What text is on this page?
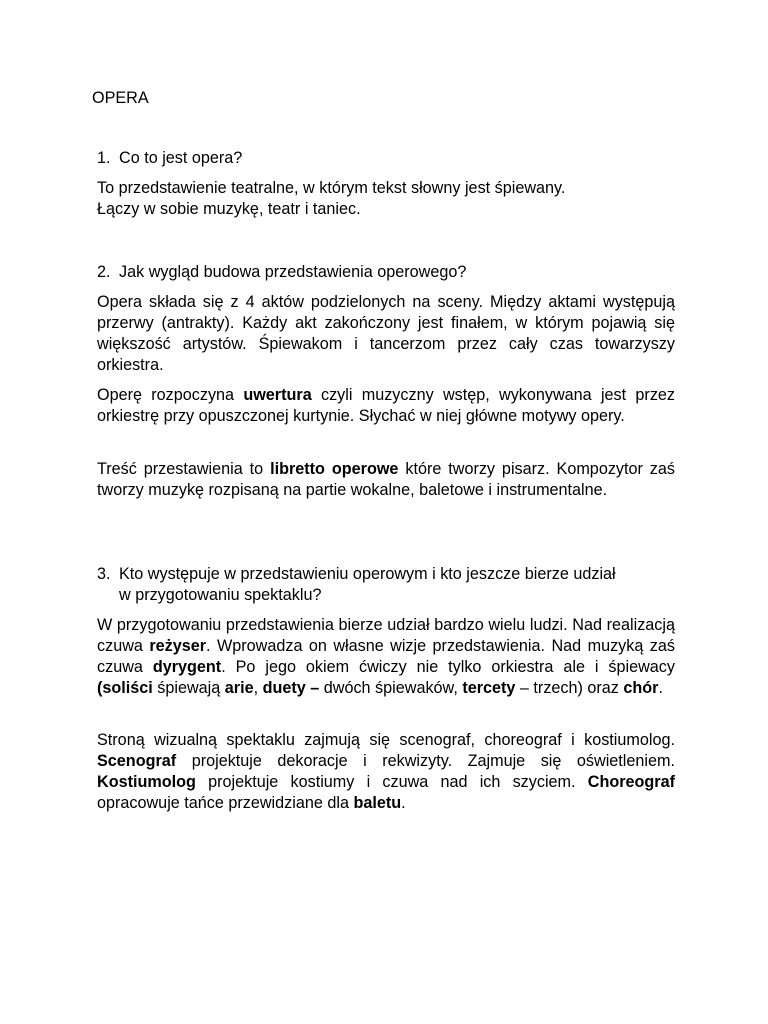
OPERA
1. Co to jest opera?

To przedstawienie teatralne, w którym tekst słowny jest śpiewany.
Łączy w sobie muzykę, teatr i taniec.

2. Jak wygląd budowa przedstawienia operowego?

Opera składa się z 4 aktów podzielonych na sceny. Między aktami występują przerwy (antrakty). Każdy akt zakończony jest finałem, w którym pojawią się większość artystów. Śpiewakom i tancerzom przez cały czas towarzyszy orkiestra.

Operę rozpoczyna uwertura czyli muzyczny wstęp, wykonywana jest przez orkiestrę przy opuszczonej kurtynie. Słychać w niej główne motywy opery.

Treść przestawienia to libretto operowe które tworzy pisarz. Kompozytor zaś tworzy muzykę rozpisaną na partie wokalne, baletowe i instrumentalne.

3. Kto występuje w przedstawieniu operowym i kto jeszcze bierze udział
w przygotowaniu spektaklu?

W przygotowaniu przedstawienia bierze udział bardzo wielu ludzi. Nad realizacją czuwa reżyser. Wprowadza on własne wizje przedstawienia. Nad muzyką zaś czuwa dyrygent. Po jego okiem ćwiczy nie tylko orkiestra ale i śpiewacy (soliści śpiewają arie, duety – dwóch śpiewaków, tercety – trzech) oraz chór.

Stroną wizualną spektaklu zajmują się scenograf, choreograf i kostiumolog. Scenograf projektuje dekoracje i rekwizyty. Zajmuje się oświetleniem. Kostiumolog projektuje kostiumy i czuwa nad ich szyciem. Choreograf opracowuje tańce przewidziane dla baletu.
